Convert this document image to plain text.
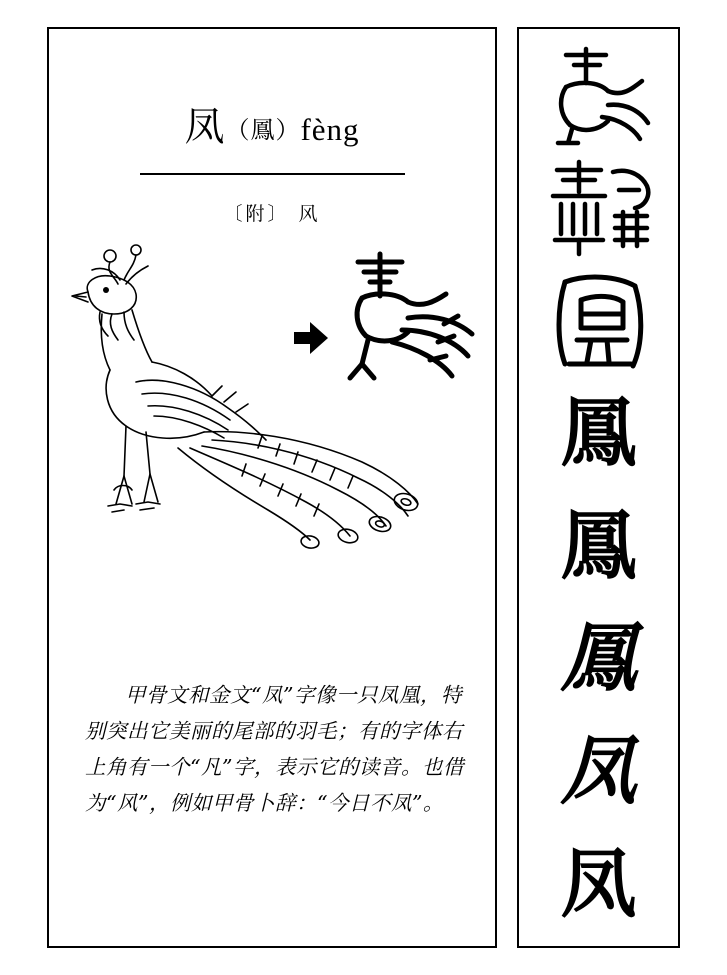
凤（鳳）fèng
〔附〕 风
甲骨文和金文“凤”字像一只凤凰，特别突出它美丽的尾部的羽毛；有的字体右上角有一个“凡”字，表示它的读音。也借为“风”，例如甲骨卜辞：“今日不凤”。
鳳
鳳
鳳
凤
凤
